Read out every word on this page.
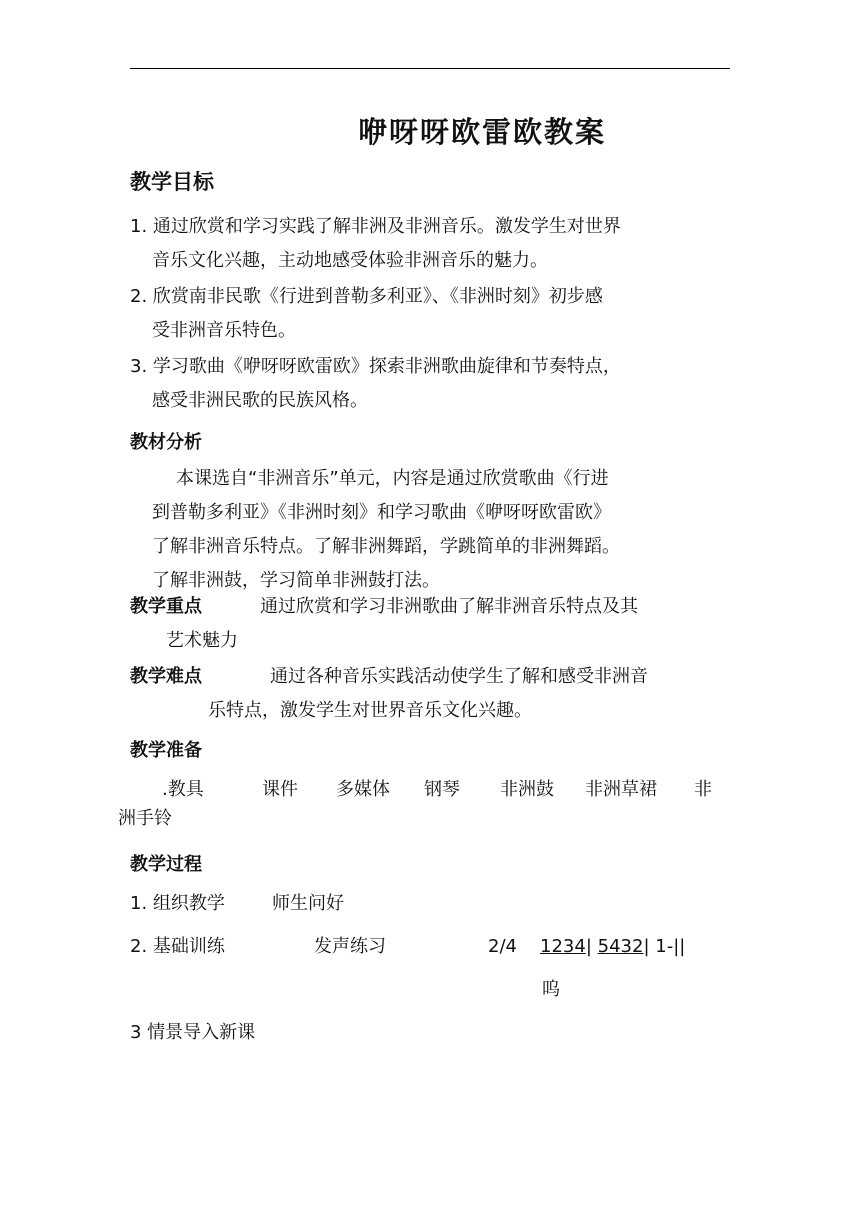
咿呀呀欧雷欧教案
教学目标
1. 通过欣赏和学习实践了解非洲及非洲音乐。激发学生对世界
音乐文化兴趣，主动地感受体验非洲音乐的魅力。
2. 欣赏南非民歌《行进到普勒多利亚》、《非洲时刻》初步感
受非洲音乐特色。
3. 学习歌曲《咿呀呀欧雷欧》探索非洲歌曲旋律和节奏特点，
感受非洲民歌的民族风格。
教材分析
本课选自“非洲音乐”单元，内容是通过欣赏歌曲《行进
到普勒多利亚》《非洲时刻》和学习歌曲《咿呀呀欧雷欧》
了解非洲音乐特点。了解非洲舞蹈，学跳简单的非洲舞蹈。
了解非洲鼓，学习简单非洲鼓打法。
教学重点	通过欣赏和学习非洲歌曲了解非洲音乐特点及其
艺术魅力
教学难点	通过各种音乐实践活动使学生了解和感受非洲音
乐特点，激发学生对世界音乐文化兴趣。
教学准备
.教具	课件 多媒体 钢琴 非洲鼓 非洲草裙 非
洲手铃
教学过程
1. 组织教学	师生问好
2. 基础训练	发声练习	2/4 1234| 5432| 1-||
呜
3 情景导入新课
